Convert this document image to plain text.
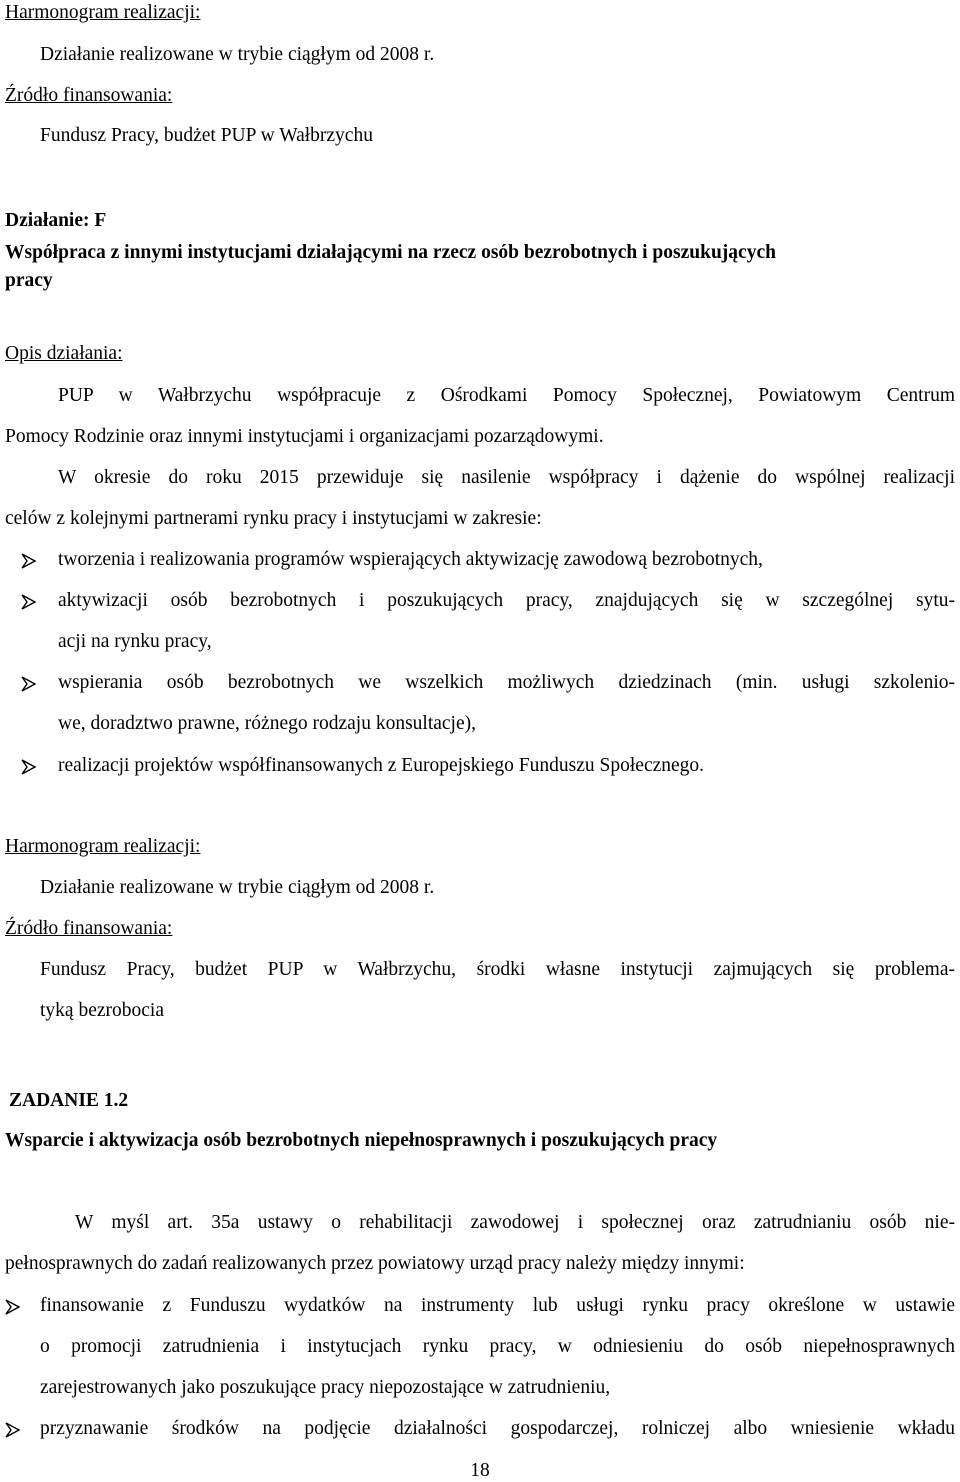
Harmonogram realizacji:
Działanie realizowane w trybie ciągłym od 2008 r.
Źródło finansowania:
Fundusz Pracy, budżet PUP w Wałbrzychu
Działanie: F
Współpraca z innymi instytucjami działającymi na rzecz osób bezrobotnych i poszukujących
pracy
Opis działania:
PUP w Wałbrzychu współpracuje z Ośrodkami Pomocy Społecznej, Powiatowym Centrum
Pomocy Rodzinie oraz innymi instytucjami i organizacjami pozarządowymi.
W okresie do roku 2015 przewiduje się nasilenie współpracy i dążenie do wspólnej realizacji
celów z kolejnymi partnerami rynku pracy i instytucjami w zakresie:
tworzenia i realizowania programów wspierających aktywizację zawodową bezrobotnych,
aktywizacji osób bezrobotnych i poszukujących pracy, znajdujących się w szczególnej sytu-
acji na rynku pracy,
wspierania osób bezrobotnych we wszelkich możliwych dziedzinach (min. usługi szkolenio-
we, doradztwo prawne, różnego rodzaju konsultacje),
realizacji projektów współfinansowanych z Europejskiego Funduszu Społecznego.
Harmonogram realizacji:
Działanie realizowane w trybie ciągłym od 2008 r.
Źródło finansowania:
Fundusz Pracy, budżet PUP w Wałbrzychu, środki własne instytucji zajmujących się problema-
tyką bezrobocia
ZADANIE 1.2
Wsparcie i aktywizacja osób bezrobotnych niepełnosprawnych i poszukujących pracy
W myśl art. 35a ustawy o rehabilitacji zawodowej i społecznej oraz zatrudnianiu osób nie-
pełnosprawnych do zadań realizowanych przez powiatowy urząd pracy należy między innymi:
finansowanie z Funduszu wydatków na instrumenty lub usługi rynku pracy określone w ustawie
o promocji zatrudnienia i instytucjach rynku pracy, w odniesieniu do osób niepełnosprawnych
zarejestrowanych jako poszukujące pracy niepozostające w zatrudnieniu,
przyznawanie środków na podjęcie działalności gospodarczej, rolniczej albo wniesienie wkładu
18
